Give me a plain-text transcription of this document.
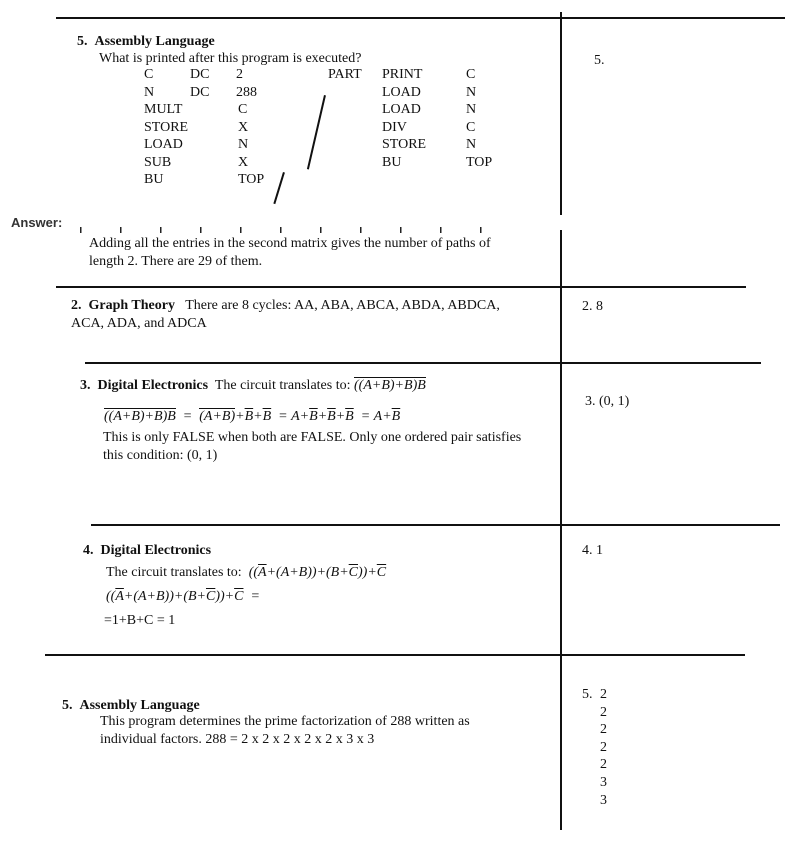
5. Assembly Language
What is printed after this program is executed?	5.
C	DC	2	PART	PRINT	C
N	DC	288		LOAD	N
MULT	C	LOAD	N
STORE	X	DIV	C
LOAD	N	STORE	N
SUB	X	BU	TOP
BU	TOP		
Answer:
Adding all the entries in the second matrix gives the number of paths of length 2. There are 29 of them.
2. Graph Theory There are 8 cycles: AA, ABA, ABCA, ABDA, ABDCA, ACA, ADA, and ADCA
2. 8
3. Digital Electronics The circuit translates to: $((A+\overline{B})+\overline{B})B$
$((A+\overline{B})+\overline{B})B = (A+\overline{B})+\overline{B}+\overline{B} = A+\overline{B}+\overline{B}+\overline{B} = A+\overline{B}$
This is only FALSE when both are FALSE. Only one ordered pair satisfies this condition: (0, 1)
3. (0, 1)
4. Digital Electronics
The circuit translates to:  $((\overline{A}+(A+B))+(B+\overline{C}))+\overline{C}$
$((\overline{A}+(A+B))+(B+\overline{C}))+\overline{C}$  =
=1+B+C = 1
4. 1
5. Assembly Language
This program determines the prime factorization of 288 written as individual factors. 288 = 2 x 2 x 2 x 2 x 2 x 3 x 3
5. 2
2
2
2
2
3
3
